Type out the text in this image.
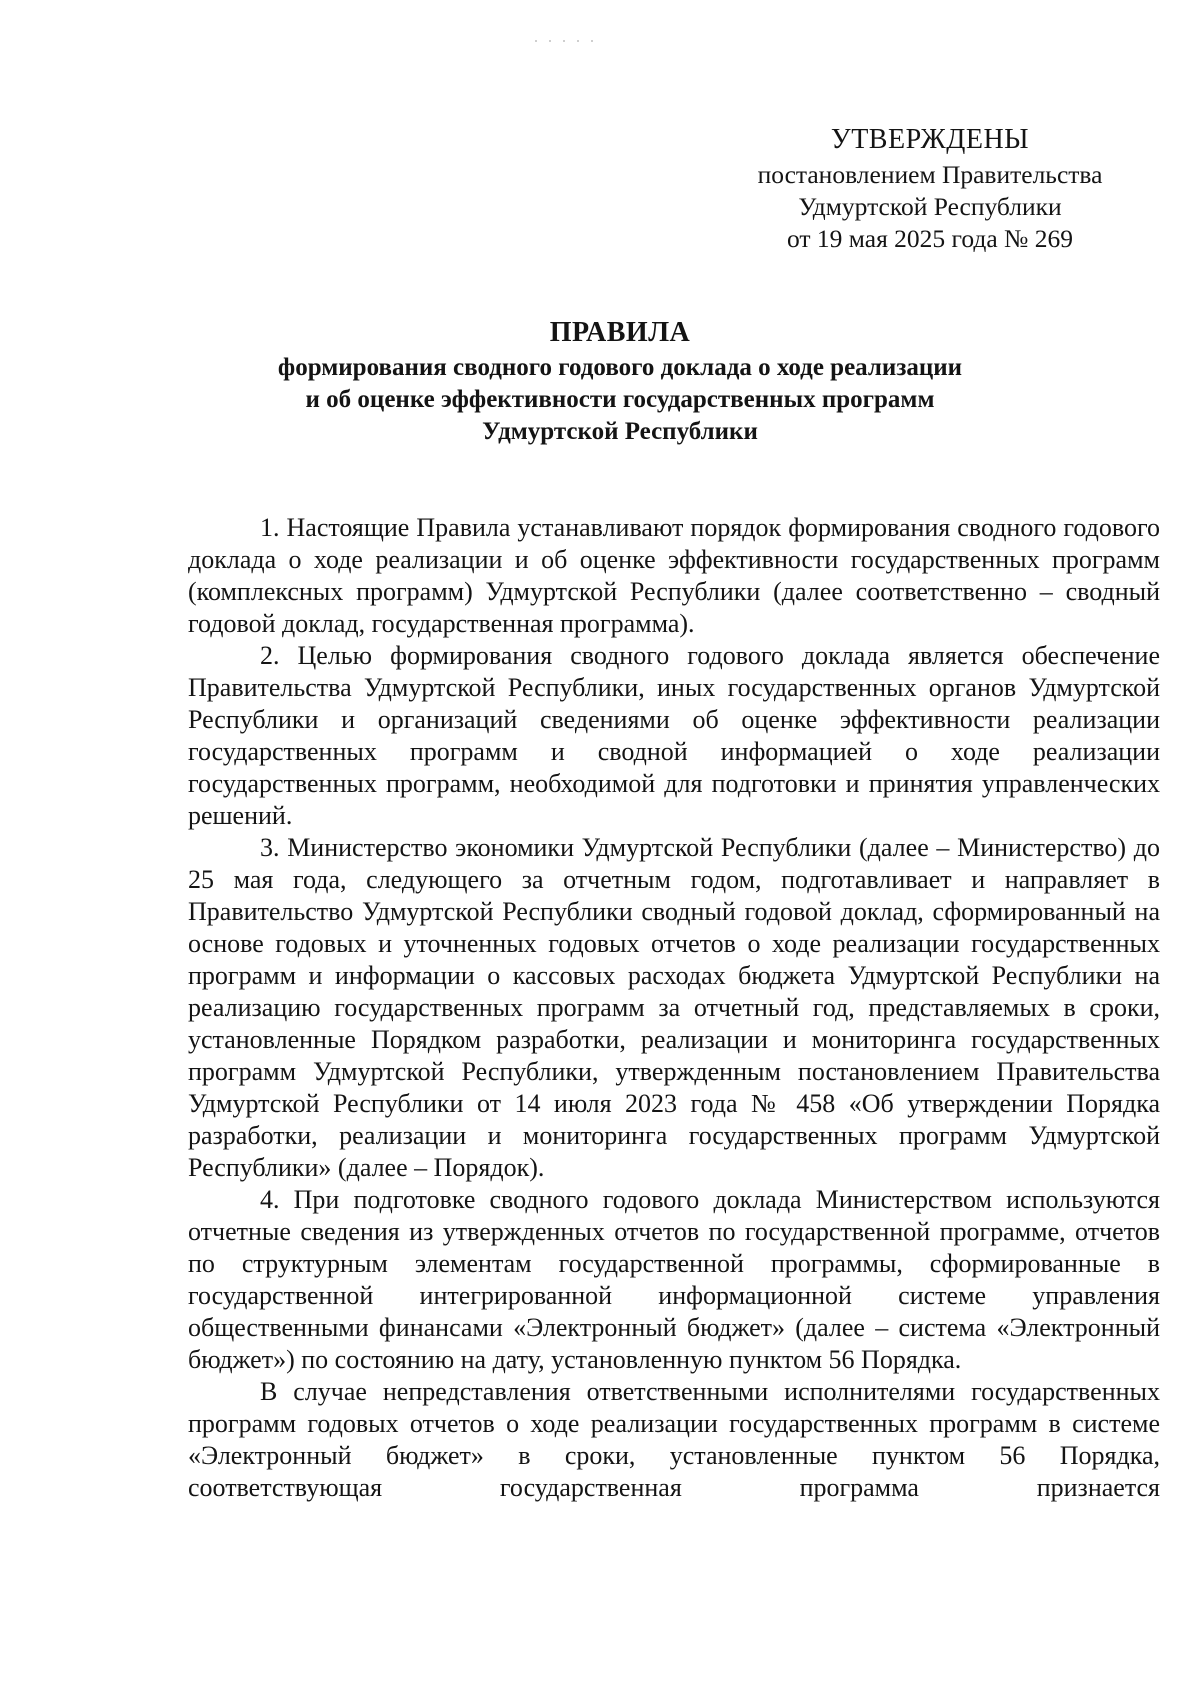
УТВЕРЖДЕНЫ
постановлением Правительства
Удмуртской Республики
от 19 мая 2025 года № 269
ПРАВИЛА
формирования сводного годового доклада о ходе реализации
и об оценке эффективности государственных программ
Удмуртской Республики

1. Настоящие Правила устанавливают порядок формирования сводного годового доклада о ходе реализации и об оценке эффективности государственных программ (комплексных программ) Удмуртской Республики (далее соответственно – сводный годовой доклад, государственная программа).

2. Целью формирования сводного годового доклада является обеспечение Правительства Удмуртской Республики, иных государственных органов Удмуртской Республики и организаций сведениями об оценке эффективности реализации государственных программ и сводной информацией о ходе реализации государственных программ, необходимой для подготовки и принятия управленческих решений.

3. Министерство экономики Удмуртской Республики (далее – Министерство) до 25 мая года, следующего за отчетным годом, подготавливает и направляет в Правительство Удмуртской Республики сводный годовой доклад, сформированный на основе годовых и уточненных годовых отчетов о ходе реализации государственных программ и информации о кассовых расходах бюджета Удмуртской Республики на реализацию государственных программ за отчетный год, представляемых в сроки, установленные Порядком разработки, реализации и мониторинга государственных программ Удмуртской Республики, утвержденным постановлением Правительства Удмуртской Республики от 14 июля 2023 года № 458 «Об утверждении Порядка разработки, реализации и мониторинга государственных программ Удмуртской Республики» (далее – Порядок).

4. При подготовке сводного годового доклада Министерством используются отчетные сведения из утвержденных отчетов по государственной программе, отчетов по структурным элементам государственной программы, сформированные в государственной интегрированной информационной системе управления общественными финансами «Электронный бюджет» (далее – система «Электронный бюджет») по состоянию на дату, установленную пунктом 56 Порядка.

В случае непредставления ответственными исполнителями государственных программ годовых отчетов о ходе реализации государственных программ в системе «Электронный бюджет» в сроки, установленные пунктом 56 Порядка, соответствующая государственная программа признается
